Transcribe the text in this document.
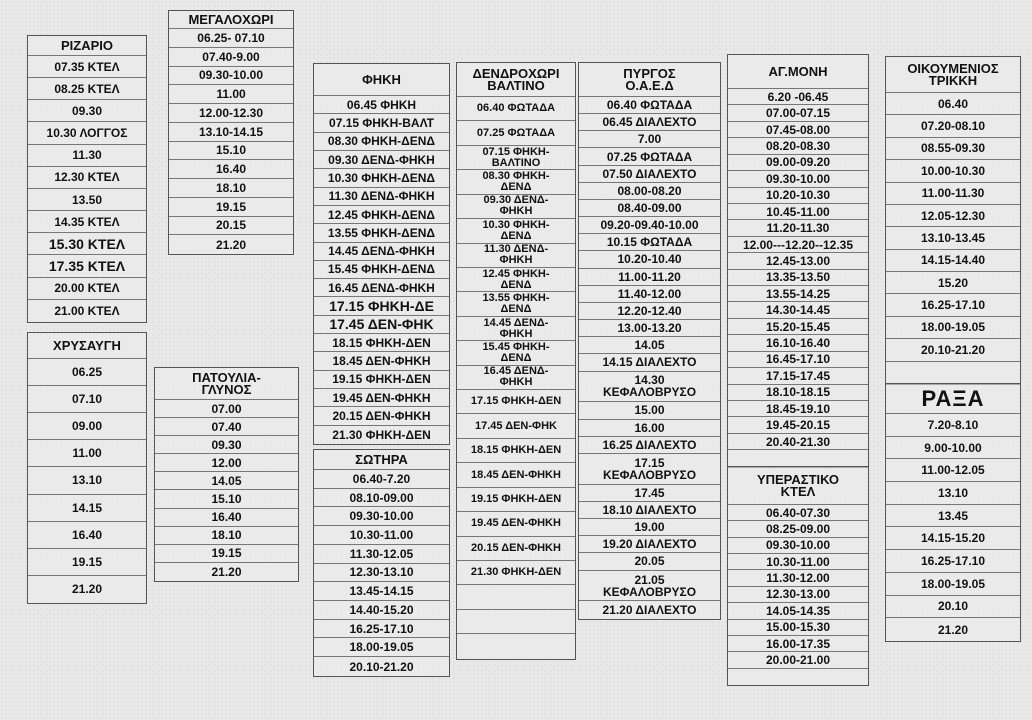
ΡΙΖΑΡΙΟ
07.35 ΚΤΕΛ
08.25 ΚΤΕΛ
09.30
10.30 ΛΟΓΓΟΣ
11.30
12.30 ΚΤΕΛ
13.50
14.35 ΚΤΕΛ
15.30 ΚΤΕΛ
17.35 ΚΤΕΛ
20.00 ΚΤΕΛ
21.00 ΚΤΕΛ
ΧΡΥΣΑΥΓΗ
06.25
07.10
09.00
11.00
13.10
14.15
16.40
19.15
21.20
ΜΕΓΑΛΟΧΩΡΙ
06.25- 07.10
07.40-9.00
09.30-10.00
11.00
12.00-12.30
13.10-14.15
15.10
16.40
18.10
19.15
20.15
21.20
ΠΑΤΟΥΛΙΑ-
ΓΛΥΝΟΣ
07.00
07.40
09.30
12.00
14.05
15.10
16.40
18.10
19.15
21.20
ΦΗΚΗ
06.45 ΦΗΚΗ
07.15 ΦΗΚΗ-ΒΑΛΤ
08.30 ΦΗΚΗ-ΔΕΝΔ
09.30 ΔΕΝΔ-ΦΗΚΗ
10.30 ΦΗΚΗ-ΔΕΝΔ
11.30 ΔΕΝΔ-ΦΗΚΗ
12.45 ΦΗΚΗ-ΔΕΝΔ
13.55 ΦΗΚΗ-ΔΕΝΔ
14.45 ΔΕΝΔ-ΦΗΚΗ
15.45 ΦΗΚΗ-ΔΕΝΔ
16.45 ΔΕΝΔ-ΦΗΚΗ
17.15 ΦΗΚΗ-ΔΕ
17.45 ΔΕΝ-ΦΗΚ
18.15 ΦΗΚΗ-ΔΕΝ
18.45 ΔΕΝ-ΦΗΚΗ
19.15 ΦΗΚΗ-ΔΕΝ
19.45 ΔΕΝ-ΦΗΚΗ
20.15 ΔΕΝ-ΦΗΚΗ
21.30 ΦΗΚΗ-ΔΕΝ
ΣΩΤΗΡΑ
06.40-7.20
08.10-09.00
09.30-10.00
10.30-11.00
11.30-12.05
12.30-13.10
13.45-14.15
14.40-15.20
16.25-17.10
18.00-19.05
20.10-21.20
ΔΕΝΔΡΟΧΩΡΙ
ΒΑΛΤΙΝΟ
06.40 ΦΩΤΑΔΑ
07.25 ΦΩΤΑΔΑ
07.15 ΦΗΚΗ-
ΒΑΛΤΙΝΟ
08.30 ΦΗΚΗ-
ΔΕΝΔ
09.30 ΔΕΝΔ-
ΦΗΚΗ
10.30 ΦΗΚΗ-
ΔΕΝΔ
11.30 ΔΕΝΔ-
ΦΗΚΗ
12.45 ΦΗΚΗ-
ΔΕΝΔ
13.55 ΦΗΚΗ-
ΔΕΝΔ
14.45 ΔΕΝΔ-
ΦΗΚΗ
15.45 ΦΗΚΗ-
ΔΕΝΔ
16.45 ΔΕΝΔ-
ΦΗΚΗ
17.15 ΦΗΚΗ-ΔΕΝ
17.45 ΔΕΝ-ΦΗΚ
18.15 ΦΗΚΗ-ΔΕΝ
18.45 ΔΕΝ-ΦΗΚΗ
19.15 ΦΗΚΗ-ΔΕΝ
19.45 ΔΕΝ-ΦΗΚΗ
20.15 ΔΕΝ-ΦΗΚΗ
21.30 ΦΗΚΗ-ΔΕΝ
ΠΥΡΓΟΣ
Ο.Α.Ε.Δ
06.40 ΦΩΤΑΔΑ
06.45 ΔΙΑΛΕΧΤΟ
7.00
07.25 ΦΩΤΑΔΑ
07.50 ΔΙΑΛΕΧΤΟ
08.00-08.20
08.40-09.00
09.20-09.40-10.00
10.15 ΦΩΤΑΔΑ
10.20-10.40
11.00-11.20
11.40-12.00
12.20-12.40
13.00-13.20
14.05
14.15 ΔΙΑΛΕΧΤΟ
14.30
ΚΕΦΑΛΟΒΡΥΣΟ
15.00
16.00
16.25 ΔΙΑΛΕΧΤΟ
17.15
ΚΕΦΑΛΟΒΡΥΣΟ
17.45
18.10 ΔΙΑΛΕΧΤΟ
19.00
19.20 ΔΙΑΛΕΧΤΟ
20.05
21.05
ΚΕΦΑΛΟΒΡΥΣΟ
21.20 ΔΙΑΛΕΧΤΟ
ΑΓ.ΜΟΝΗ
6.20 -06.45
07.00-07.15
07.45-08.00
08.20-08.30
09.00-09.20
09.30-10.00
10.20-10.30
10.45-11.00
11.20-11.30
12.00---12.20--12.35
12.45-13.00
13.35-13.50
13.55-14.25
14.30-14.45
15.20-15.45
16.10-16.40
16.45-17.10
17.15-17.45
18.10-18.15
18.45-19.10
19.45-20.15
20.40-21.30
ΥΠΕΡΑΣΤΙΚΟ
ΚΤΕΛ
06.40-07.30
08.25-09.00
09.30-10.00
10.30-11.00
11.30-12.00
12.30-13.00
14.05-14.35
15.00-15.30
16.00-17.35
20.00-21.00
ΟΙΚΟΥΜΕΝΙΟΣ
ΤΡΙΚΚΗ
06.40
07.20-08.10
08.55-09.30
10.00-10.30
11.00-11.30
12.05-12.30
13.10-13.45
14.15-14.40
15.20
16.25-17.10
18.00-19.05
20.10-21.20
ΡΑΞΑ
7.20-8.10
9.00-10.00
11.00-12.05
13.10
13.45
14.15-15.20
16.25-17.10
18.00-19.05
20.10
21.20
